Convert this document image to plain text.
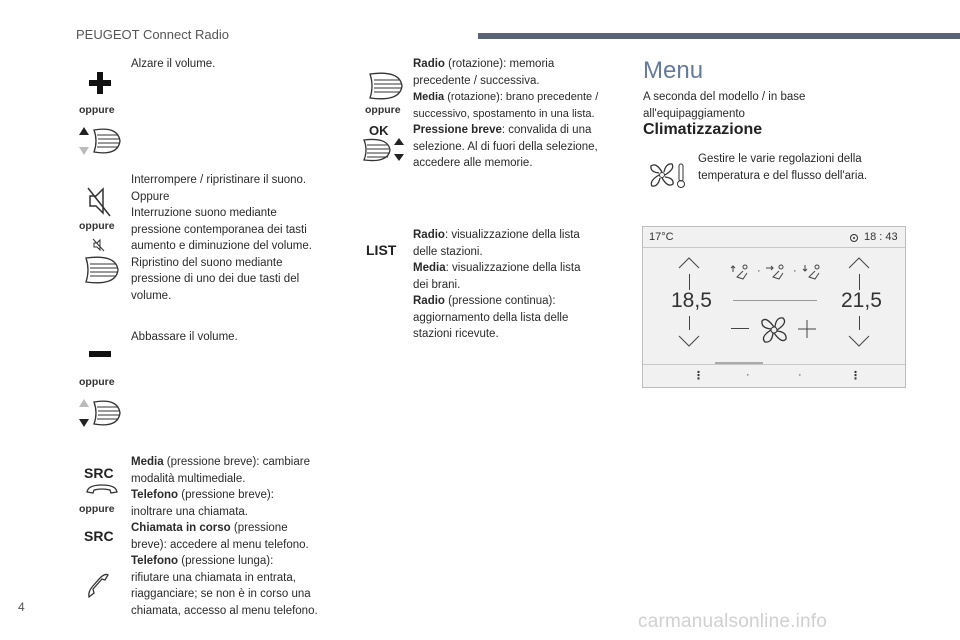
PEUGEOT Connect Radio
oppure
Alzare il volume.
oppure
Interrompere / ripristinare il suono.
Oppure
Interruzione suono mediante
pressione contemporanea dei tasti
aumento e diminuzione del volume.
Ripristino del suono mediante
pressione di uno dei due tasti del
volume.
oppure
Abbassare il volume.
SRC
oppure
SRC
Media (pressione breve): cambiare
modalità multimediale.
Telefono (pressione breve):
inoltrare una chiamata.
Chiamata in corso (pressione
breve): accedere al menu telefono.
Telefono (pressione lunga):
rifiutare una chiamata in entrata,
riagganciare; se non è in corso una
chiamata, accesso al menu telefono.
oppure
OK
Radio (rotazione): memoria
precedente / successiva.
Media (rotazione): brano precedente /
successivo, spostamento in una lista.
Pressione breve: convalida di una
selezione. Al di fuori della selezione,
accedere alle memorie.
LIST
Radio: visualizzazione della lista
delle stazioni.
Media: visualizzazione della lista
dei brani.
Radio (pressione continua):
aggiornamento della lista delle
stazioni ricevute.
Menu
A seconda del modello / in base
all'equipaggiamento
Climatizzazione
Gestire le varie regolazioni della
temperatura e del flusso dell'aria.
17°C	18 : 43
18,5	21,5
·	·
⋮	·	·	⋮
4
carmanualsonline.info
